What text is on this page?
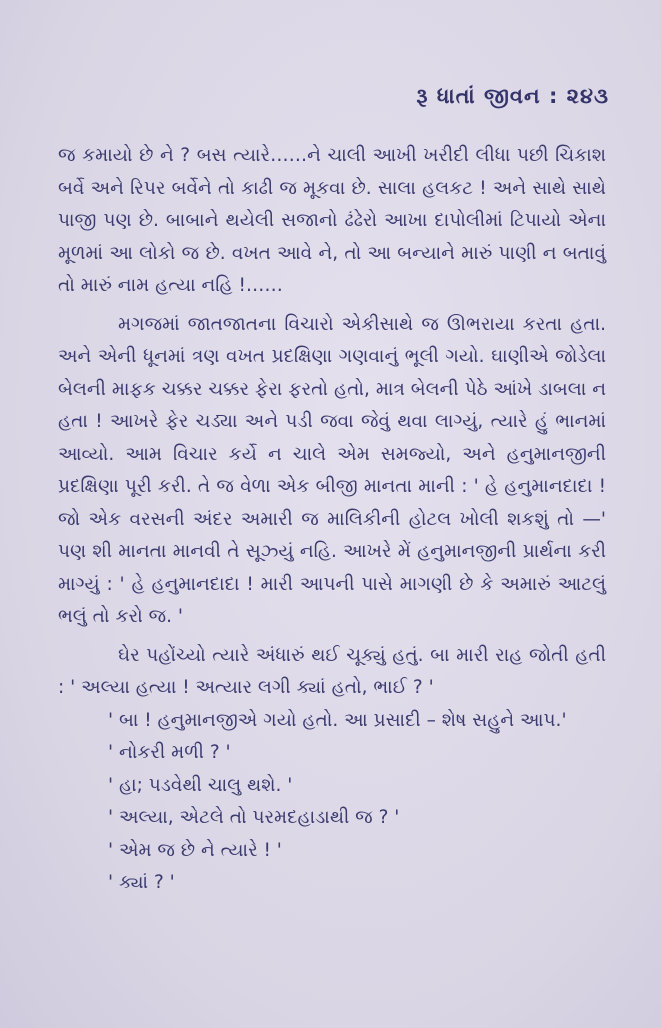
રૂ ધાતાં જીવન : ૨૪૩

જ કમાયો છે ને ? બસ ત્યારે……ને ચાલી આખી ખરીદી લીધા પછી ચિકાશ બર્વે અને રિપર બર્વેને તો કાઢી જ મૂકવા છે. સાલા હલકટ ! અને સાથે સાથે પાજી પણ છે. બાબાને થયેલી સજાનો ઢંઢેરો આખા દાપોલીમાં ટિપાયો એના મૂળમાં આ લોકો જ છે. વખત આવે ને, તો આ બન્યાને મારું પાણી ન બતાવું તો મારું નામ હત્યા નહિ !……

મગજમાં જાતજાતના વિચારો એકીસાથે જ ઊભરાયા કરતા હતા. અને એની ધૂનમાં ત્રણ વખત પ્રદક્ષિણા ગણવાનું ભૂલી ગયો. ઘાણીએ જોડેલા બેલની માફક ચક્કર ચક્કર ફેરા ફરતો હતો, માત્ર બેલની પેઠે આંખે ડાબલા ન હતા ! આખરે ફેર ચડ્યા અને પડી જવા જેવું થવા લાગ્યું, ત્યારે હું ભાનમાં આવ્યો. આમ વિચાર કર્યે ન ચાલે એમ સમજ્યો, અને હનુમાનજીની પ્રદક્ષિણા પૂરી કરી. તે જ વેળા એક બીજી માનતા માની : ' હે હનુમાનદાદા ! જો એક વરસની અંદર અમારી જ માલિકીની હોટલ ખોલી શકશું તો —' પણ શી માનતા માનવી તે સૂઝ્યું નહિ. આખરે મેં હનુમાનજીની પ્રાર્થના કરી માગ્યું : ' હે હનુમાનદાદા ! મારી આપની પાસે માગણી છે કે અમારું આટલું ભલું તો કરો જ. '

ઘેર પહોંચ્યો ત્યારે અંધારું થઈ ચૂક્યું હતું. બા મારી રાહ જોતી હતી : ' અલ્યા હત્યા ! અત્યાર લગી ક્યાં હતો, ભાઈ ? '

' બા ! હનુમાનજીએ ગયો હતો. આ પ્રસાદી – શેષ સહુને આપ.'

' નોકરી મળી ? '

' હા; પડવેથી ચાલુ થશે. '

' અલ્યા, એટલે તો પરમદહાડાથી જ ? '

' એમ જ છે ને ત્યારે ! '

' ક્યાં ? '
